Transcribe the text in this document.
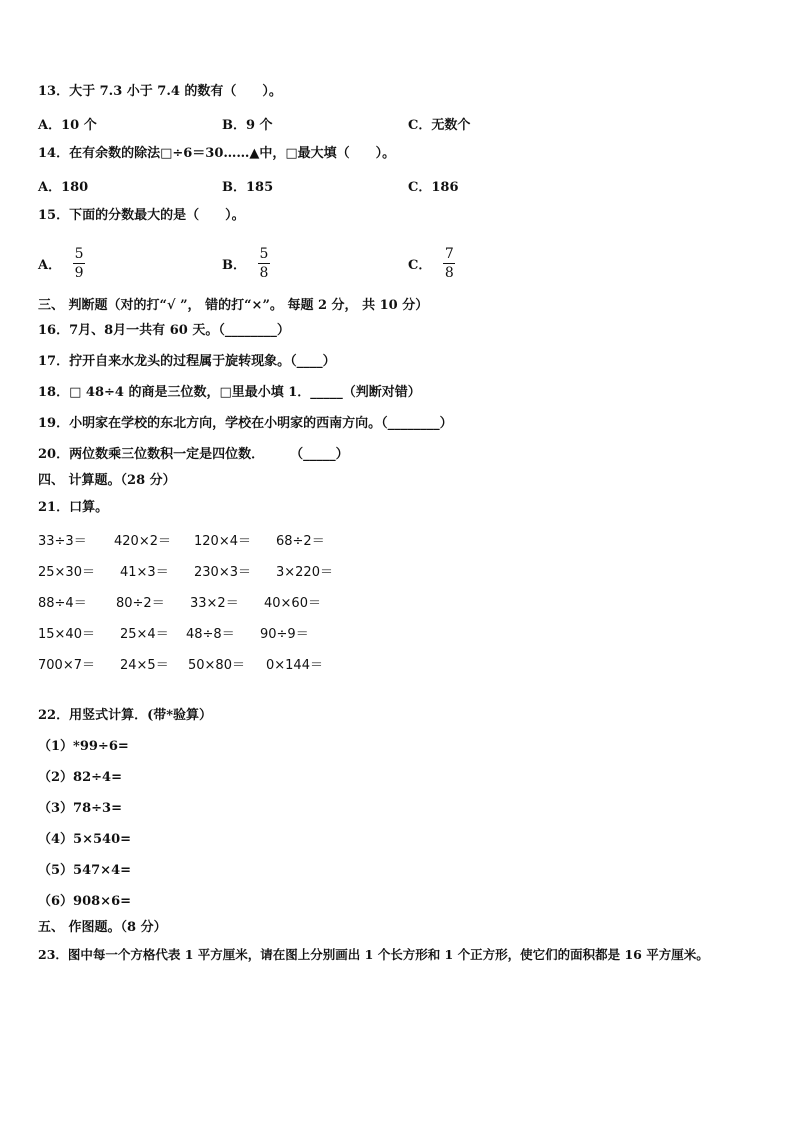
13．大于 7.3 小于 7.4 的数有（　　）。
A．10 个	B．9 个	C．无数个
14．在有余数的除法□÷6＝30……▲中，□最大填（　　）。
A．180	B．185	C．186
15．下面的分数最大的是（　　）。
A． $\frac{5}{9}$	B． $\frac{5}{8}$	C． $\frac{7}{8}$
三、 判断题（对的打“√ ”， 错的打“×”。 每题 2 分， 共 10 分）
16．7月、8月一共有 60 天。（________）
17．拧开自来水龙头的过程属于旋转现象。（____）
18．□ 48÷4 的商是三位数，□里最小填 1．_____（判断对错）
19．小明家在学校的东北方向，学校在小明家的西南方向。（________）
20．两位数乘三位数积一定是四位数．　　　（_____）
四、 计算题。（28 分）
21．口算。
33÷3＝ 420×2＝ 120×4＝ 68÷2＝
25×30＝ 41×3＝ 230×3＝ 3×220＝
88÷4＝ 80÷2＝ 33×2＝ 40×60＝
15×40＝ 25×4＝ 48÷8＝ 90÷9＝
700×7＝ 24×5＝ 50×80＝ 0×144＝
22．用竖式计算．(带*验算）
（1）*99÷6=
（2）82÷4=
（3）78÷3=
（4）5×540=
（5）547×4=
（6）908×6=
五、 作图题。（8 分）
23．图中每一个方格代表 1 平方厘米，请在图上分别画出 1 个长方形和 1 个正方形，使它们的面积都是 16 平方厘米。
